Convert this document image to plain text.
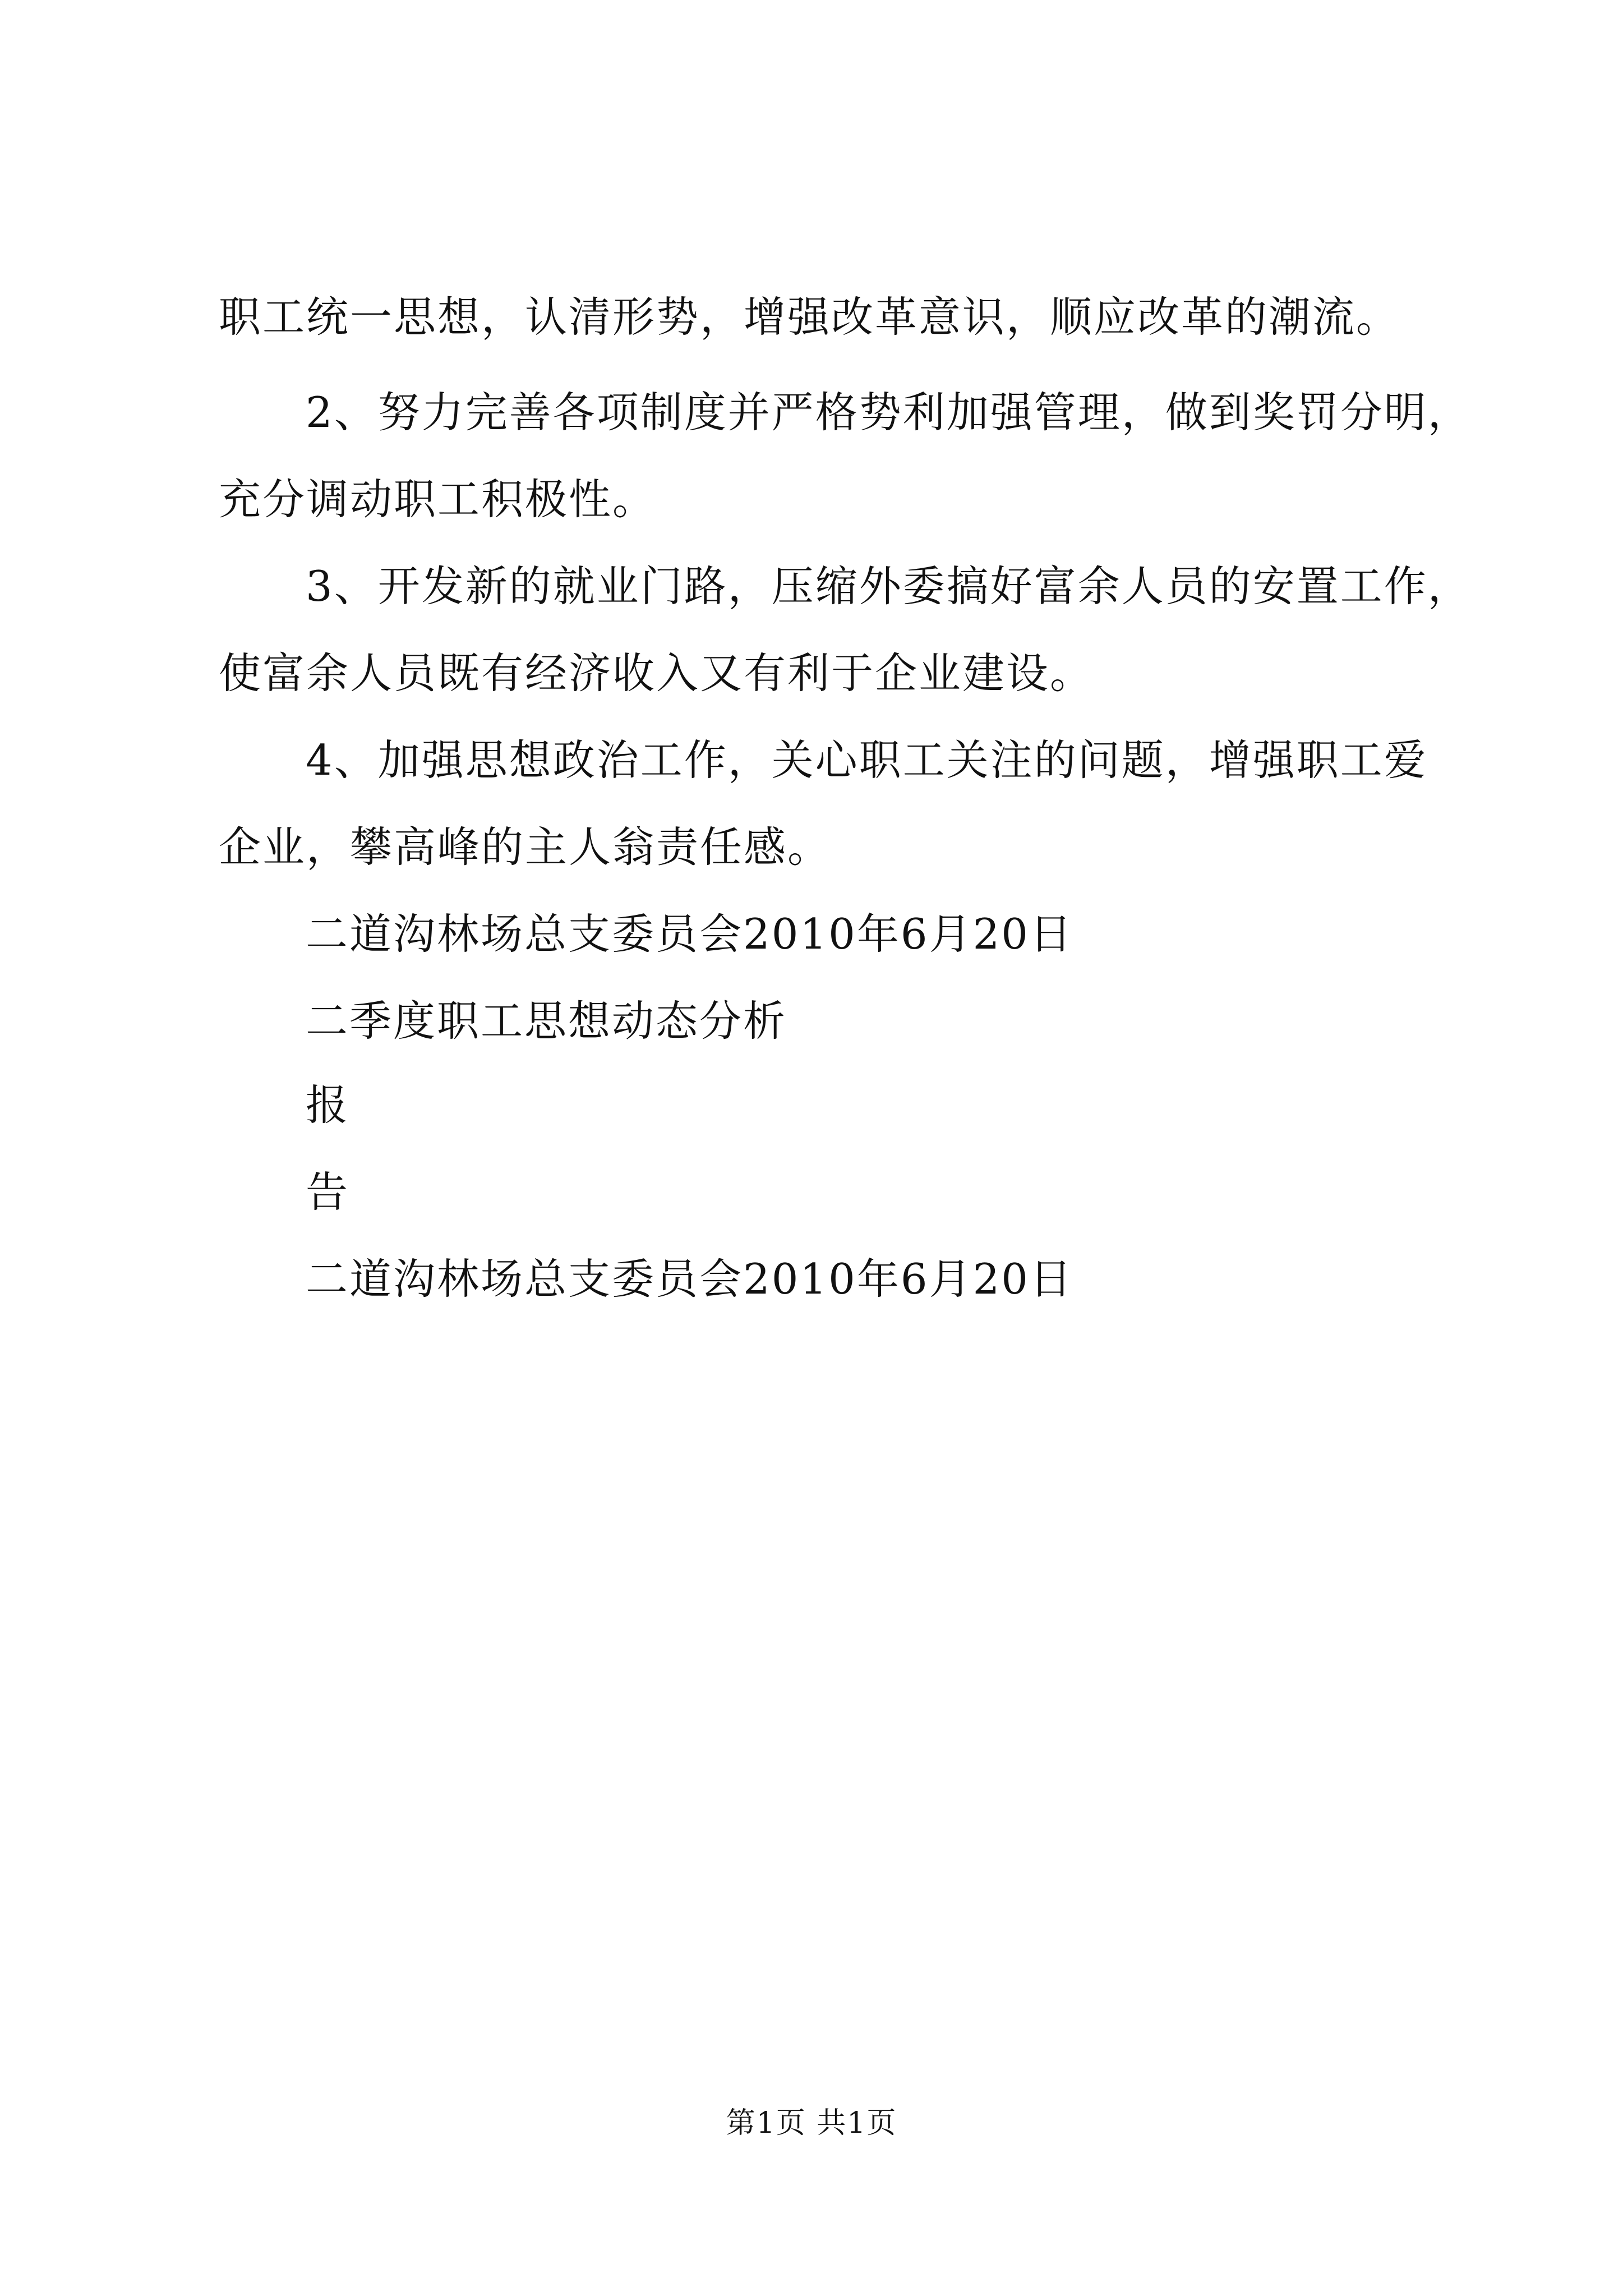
职工统一思想，认清形势，增强改革意识，顺应改革的潮流。
2、努力完善各项制度并严格势利加强管理，做到奖罚分明，
充分调动职工积极性。
3、开发新的就业门路，压缩外委搞好富余人员的安置工作，
使富余人员既有经济收入又有利于企业建设。
4、加强思想政治工作，关心职工关注的问题，增强职工爱
企业，攀高峰的主人翁责任感。
二道沟林场总支委员会2010年6月20日
二季度职工思想动态分析
报
告
二道沟林场总支委员会2010年6月20日
第1页 共1页
